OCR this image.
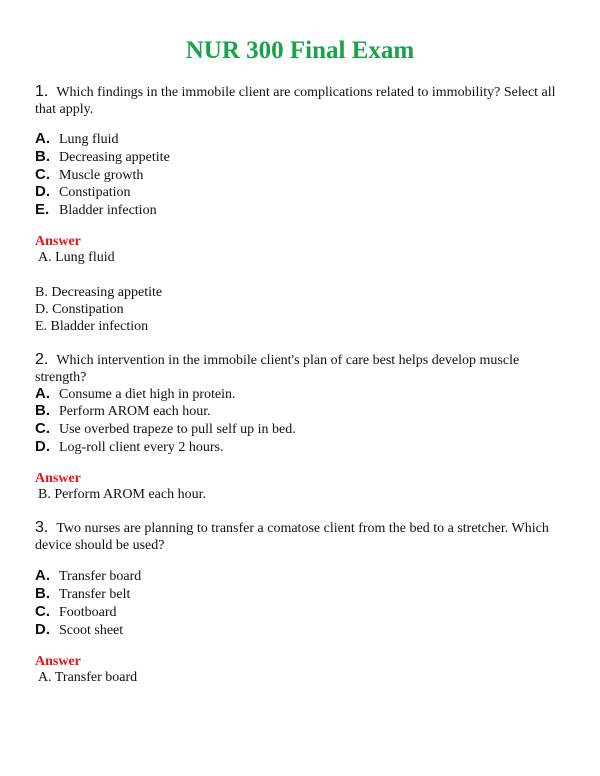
NUR 300 Final Exam
1. Which findings in the immobile client are complications related to immobility? Select all that apply.
A. Lung fluid
B. Decreasing appetite
C. Muscle growth
D. Constipation
E. Bladder infection
Answer
A. Lung fluid
B. Decreasing appetite
D. Constipation
E. Bladder infection
2. Which intervention in the immobile client's plan of care best helps develop muscle strength?
A. Consume a diet high in protein.
B. Perform AROM each hour.
C. Use overbed trapeze to pull self up in bed.
D. Log-roll client every 2 hours.
Answer
B. Perform AROM each hour.
3. Two nurses are planning to transfer a comatose client from the bed to a stretcher. Which device should be used?
A. Transfer board
B. Transfer belt
C. Footboard
D. Scoot sheet
Answer
A. Transfer board
